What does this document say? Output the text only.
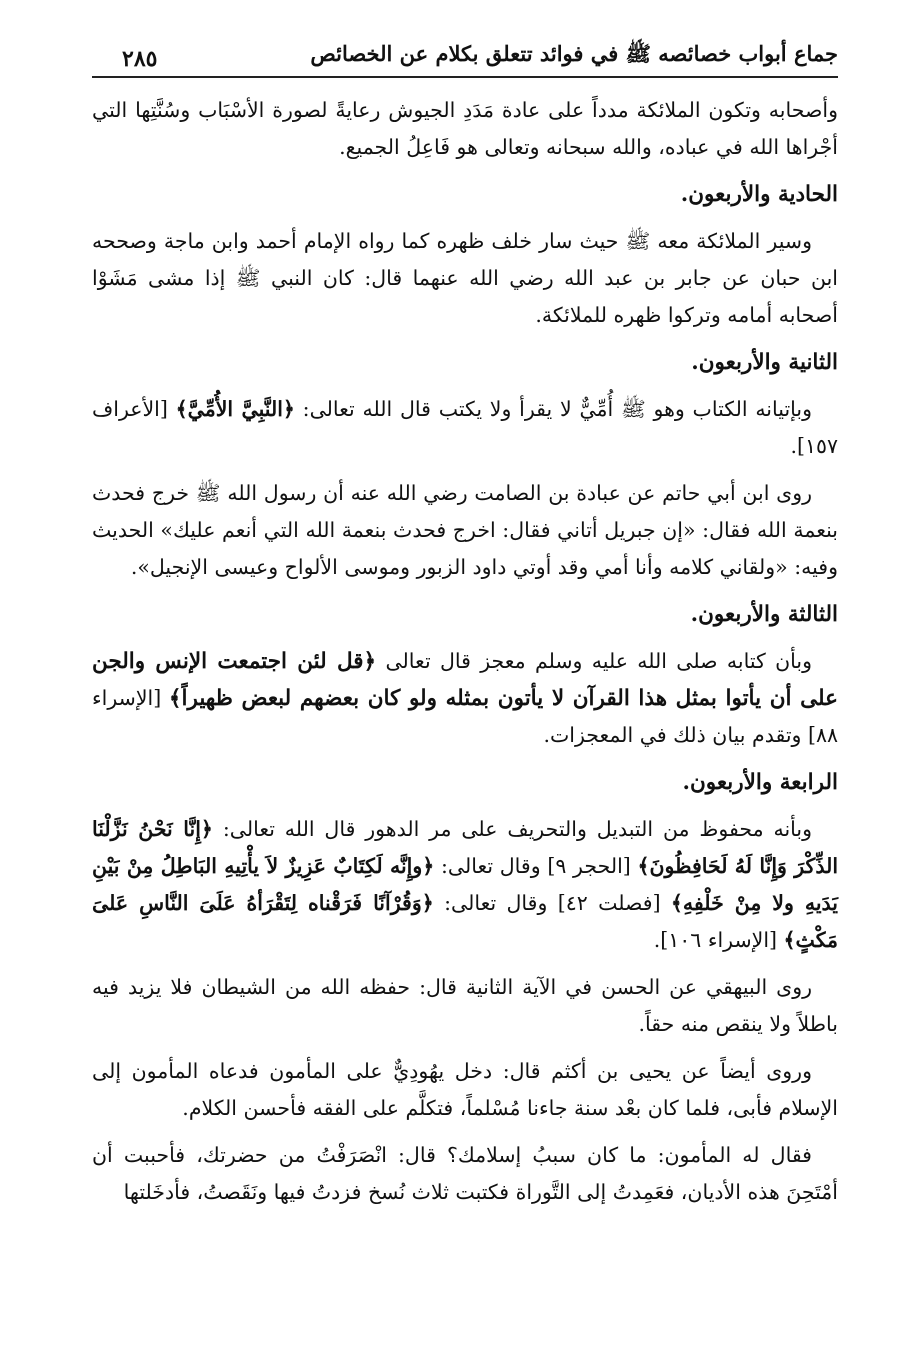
جماع أبواب خصائصه ﷺ في فوائد تتعلق بكلام عن الخصائص
٢٨٥

وأصحابه وتكون الملائكة مدداً على عادة مَدَدِ الجيوش رعايةً لصورة الأسْبَاب وسُنَّتِها التي أجْراها الله في عباده، والله سبحانه وتعالى هو فَاعِلُ الجميع.

الحادية والأربعون.

وسير الملائكة معه ﷺ حيث سار خلف ظهره كما رواه الإمام أحمد وابن ماجة وصححه ابن حبان عن جابر بن عبد الله رضي الله عنهما قال: كان النبي ﷺ إذا مشى مَشَوْا أصحابه أمامه وتركوا ظهره للملائكة.

الثانية والأربعون.

وبإتيانه الكتاب وهو ﷺ أُمِّيٌّ لا يقرأ ولا يكتب قال الله تعالى: ﴿النَّبِيَّ الأُمِّيَّ﴾ [الأعراف ١٥٧].

روى ابن أبي حاتم عن عبادة بن الصامت رضي الله عنه أن رسول الله ﷺ خرج فحدث بنعمة الله فقال: «إن جبريل أتاني فقال: اخرج فحدث بنعمة الله التي أنعم عليك» الحديث وفيه: «ولقاني كلامه وأنا أمي وقد أوتي داود الزبور وموسى الألواح وعيسى الإنجيل».

الثالثة والأربعون.

وبأن كتابه صلى الله عليه وسلم معجز قال تعالى ﴿قل لئن اجتمعت الإنس والجن على أن يأتوا بمثل هذا القرآن لا يأتون بمثله ولو كان بعضهم لبعض ظهيراً﴾ [الإسراء ٨٨] وتقدم بيان ذلك في المعجزات.

الرابعة والأربعون.

وبأنه محفوظ من التبديل والتحريف على مر الدهور قال الله تعالى: ﴿إِنَّا نَحْنُ نَزَّلْنَا الذِّكْرَ وَإِنَّا لَهُ لَحَافِظُونَ﴾ [الحجر ٩] وقال تعالى: ﴿وإِنَّه لَكِتَابٌ عَزِيزٌ لاَ يأْتِيهِ البَاطِلُ مِنْ بَيْنِ يَدَيهِ ولا مِنْ خَلْفِهِ﴾ [فصلت ٤٢] وقال تعالى: ﴿وَقُرْآنًا فَرَقْناه لِتَقْرَأهُ عَلَىَ النَّاسِ عَلىَ مَكْثٍ﴾ [الإسراء ١٠٦].

روى البيهقي عن الحسن في الآية الثانية قال: حفظه الله من الشيطان فلا يزيد فيه باطلاً ولا ينقص منه حقاً.

وروى أيضاً عن يحيى بن أكثم قال: دخل يهُودِيٌّ على المأمون فدعاه المأمون إلى الإسلام فأبى، فلما كان بعْد سنة جاءنا مُسْلماً، فتكلَّم على الفقه فأحسن الكلام.

فقال له المأمون: ما كان سببُ إسلامك؟ قال: انْصَرَفْتُ من حضرتك، فأحببت أن أمْتَحِنَ هذه الأديان، فعَمِدتُ إلى التَّوراة فكتبت ثلاث نُسخ فزدتُ فيها ونَقَصتُ، فأدخَلتها
